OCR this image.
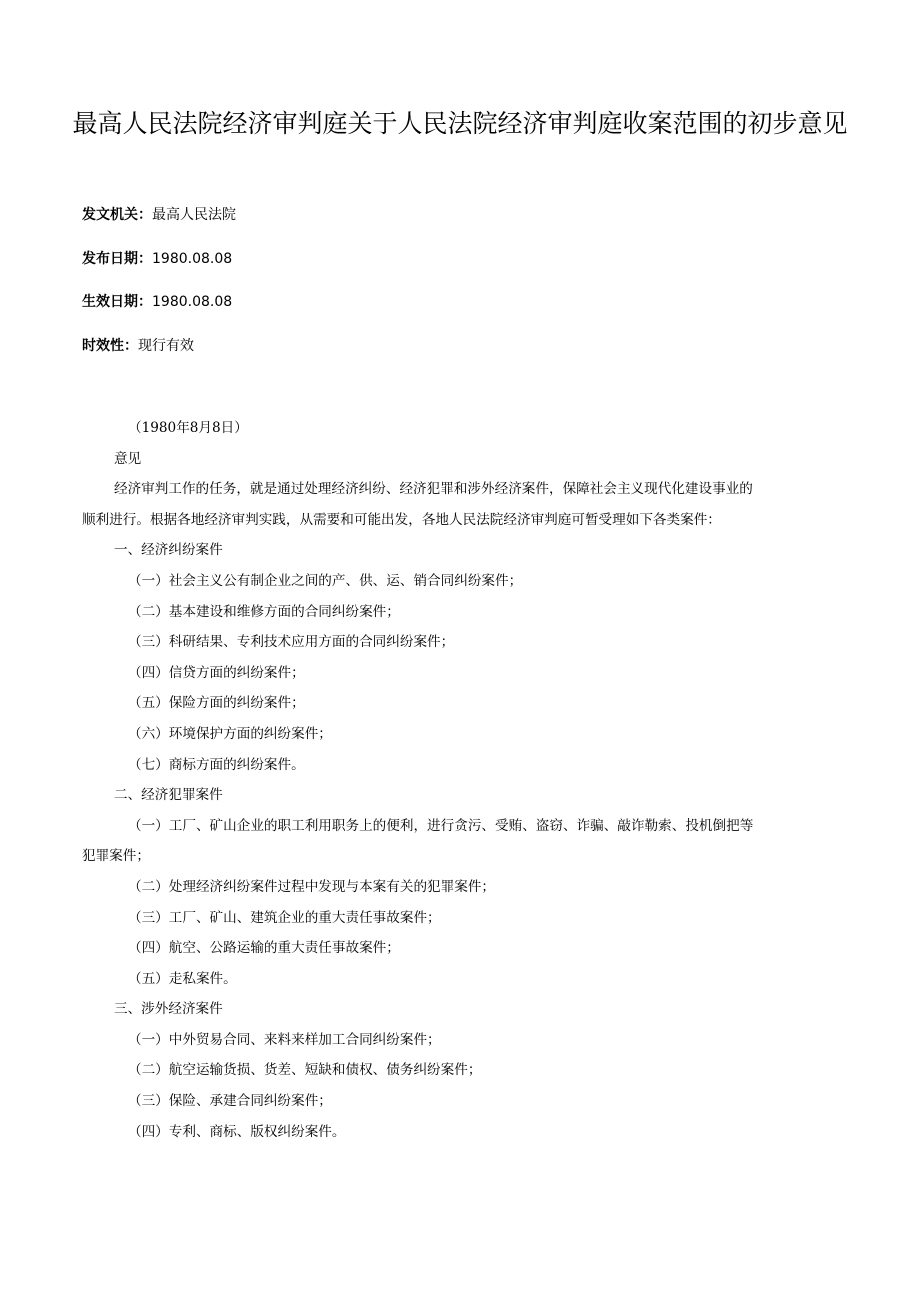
最高人民法院经济审判庭关于人民法院经济审判庭收案范围的初步意见
发文机关：最高人民法院
发布日期：1980.08.08
生效日期：1980.08.08
时效性：现行有效
（1980年8月8日）
意见
经济审判工作的任务，就是通过处理经济纠纷、经济犯罪和涉外经济案件，保障社会主义现代化建设事业的
顺利进行。根据各地经济审判实践，从需要和可能出发，各地人民法院经济审判庭可暂受理如下各类案件：
一、经济纠纷案件
（一）社会主义公有制企业之间的产、供、运、销合同纠纷案件；
（二）基本建设和维修方面的合同纠纷案件；
（三）科研结果、专利技术应用方面的合同纠纷案件；
（四）信贷方面的纠纷案件；
（五）保险方面的纠纷案件；
（六）环境保护方面的纠纷案件；
（七）商标方面的纠纷案件。
二、经济犯罪案件
（一）工厂、矿山企业的职工利用职务上的便利，进行贪污、受贿、盗窃、诈骗、敲诈勒索、投机倒把等
犯罪案件；
（二）处理经济纠纷案件过程中发现与本案有关的犯罪案件；
（三）工厂、矿山、建筑企业的重大责任事故案件；
（四）航空、公路运输的重大责任事故案件；
（五）走私案件。
三、涉外经济案件
（一）中外贸易合同、来料来样加工合同纠纷案件；
（二）航空运输货损、货差、短缺和债权、债务纠纷案件；
（三）保险、承建合同纠纷案件；
（四）专利、商标、版权纠纷案件。
